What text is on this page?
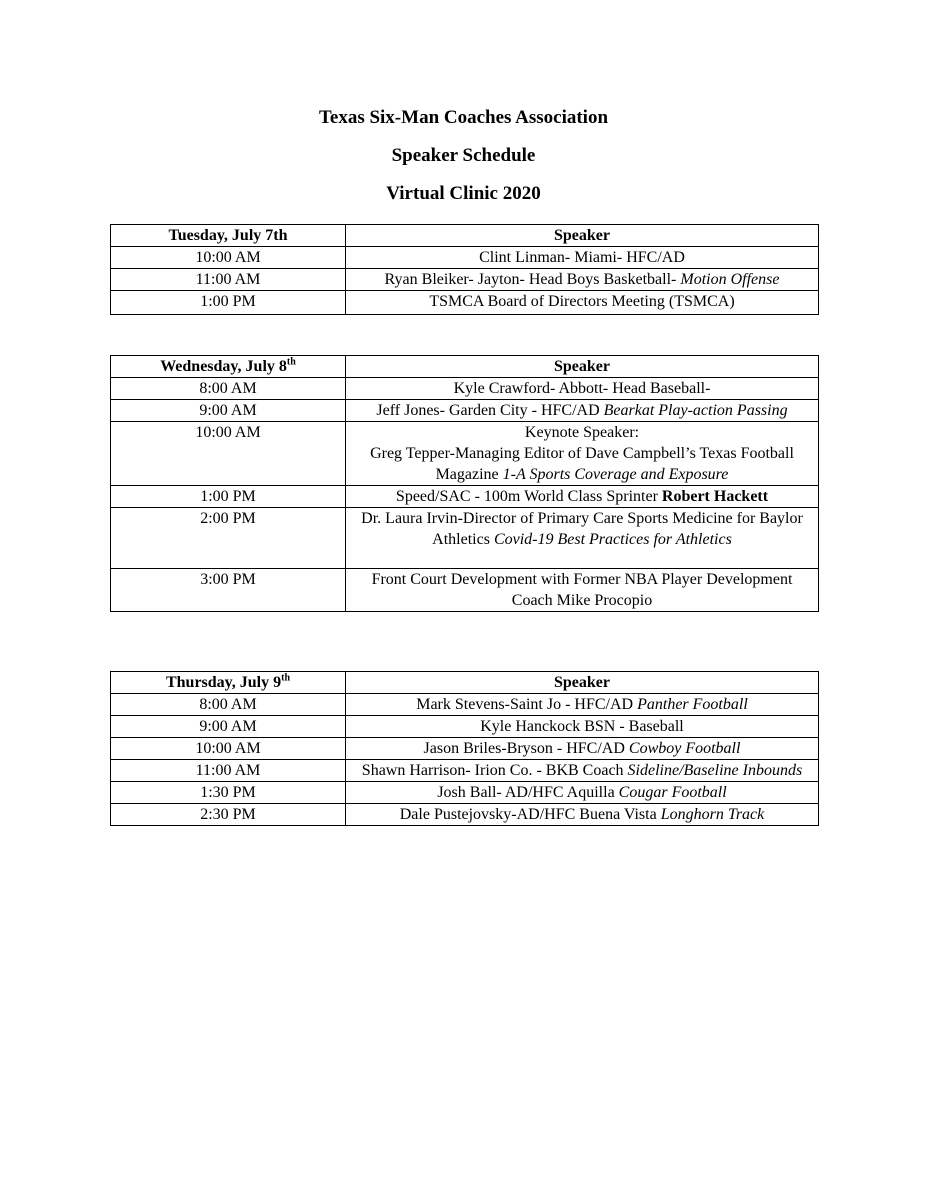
Texas Six-Man Coaches Association
Speaker Schedule
Virtual Clinic 2020
Tuesday, July 7th	Speaker
10:00 AM	Clint Linman- Miami- HFC/AD
11:00 AM	Ryan Bleiker- Jayton- Head Boys Basketball- Motion Offense
1:00 PM	TSMCA Board of Directors Meeting (TSMCA)
Wednesday, July 8th	Speaker
8:00 AM	Kyle Crawford- Abbott- Head Baseball-
9:00 AM	Jeff Jones- Garden City - HFC/AD Bearkat Play-action Passing
10:00 AM	Keynote Speaker:
Greg Tepper-Managing Editor of Dave Campbell’s Texas Football Magazine 1-A Sports Coverage and Exposure
1:00 PM	Speed/SAC - 100m World Class Sprinter Robert Hackett
2:00 PM	Dr. Laura Irvin-Director of Primary Care Sports Medicine for Baylor Athletics Covid-19 Best Practices for Athletics
3:00 PM	Front Court Development with Former NBA Player Development Coach Mike Procopio
Thursday, July 9th	Speaker
8:00 AM	Mark Stevens-Saint Jo - HFC/AD Panther Football
9:00 AM	Kyle Hanckock BSN - Baseball
10:00 AM	Jason Briles-Bryson - HFC/AD Cowboy Football
11:00 AM	Shawn Harrison- Irion Co. - BKB Coach Sideline/Baseline Inbounds
1:30 PM	Josh Ball- AD/HFC Aquilla Cougar Football
2:30 PM	Dale Pustejovsky-AD/HFC Buena Vista Longhorn Track
